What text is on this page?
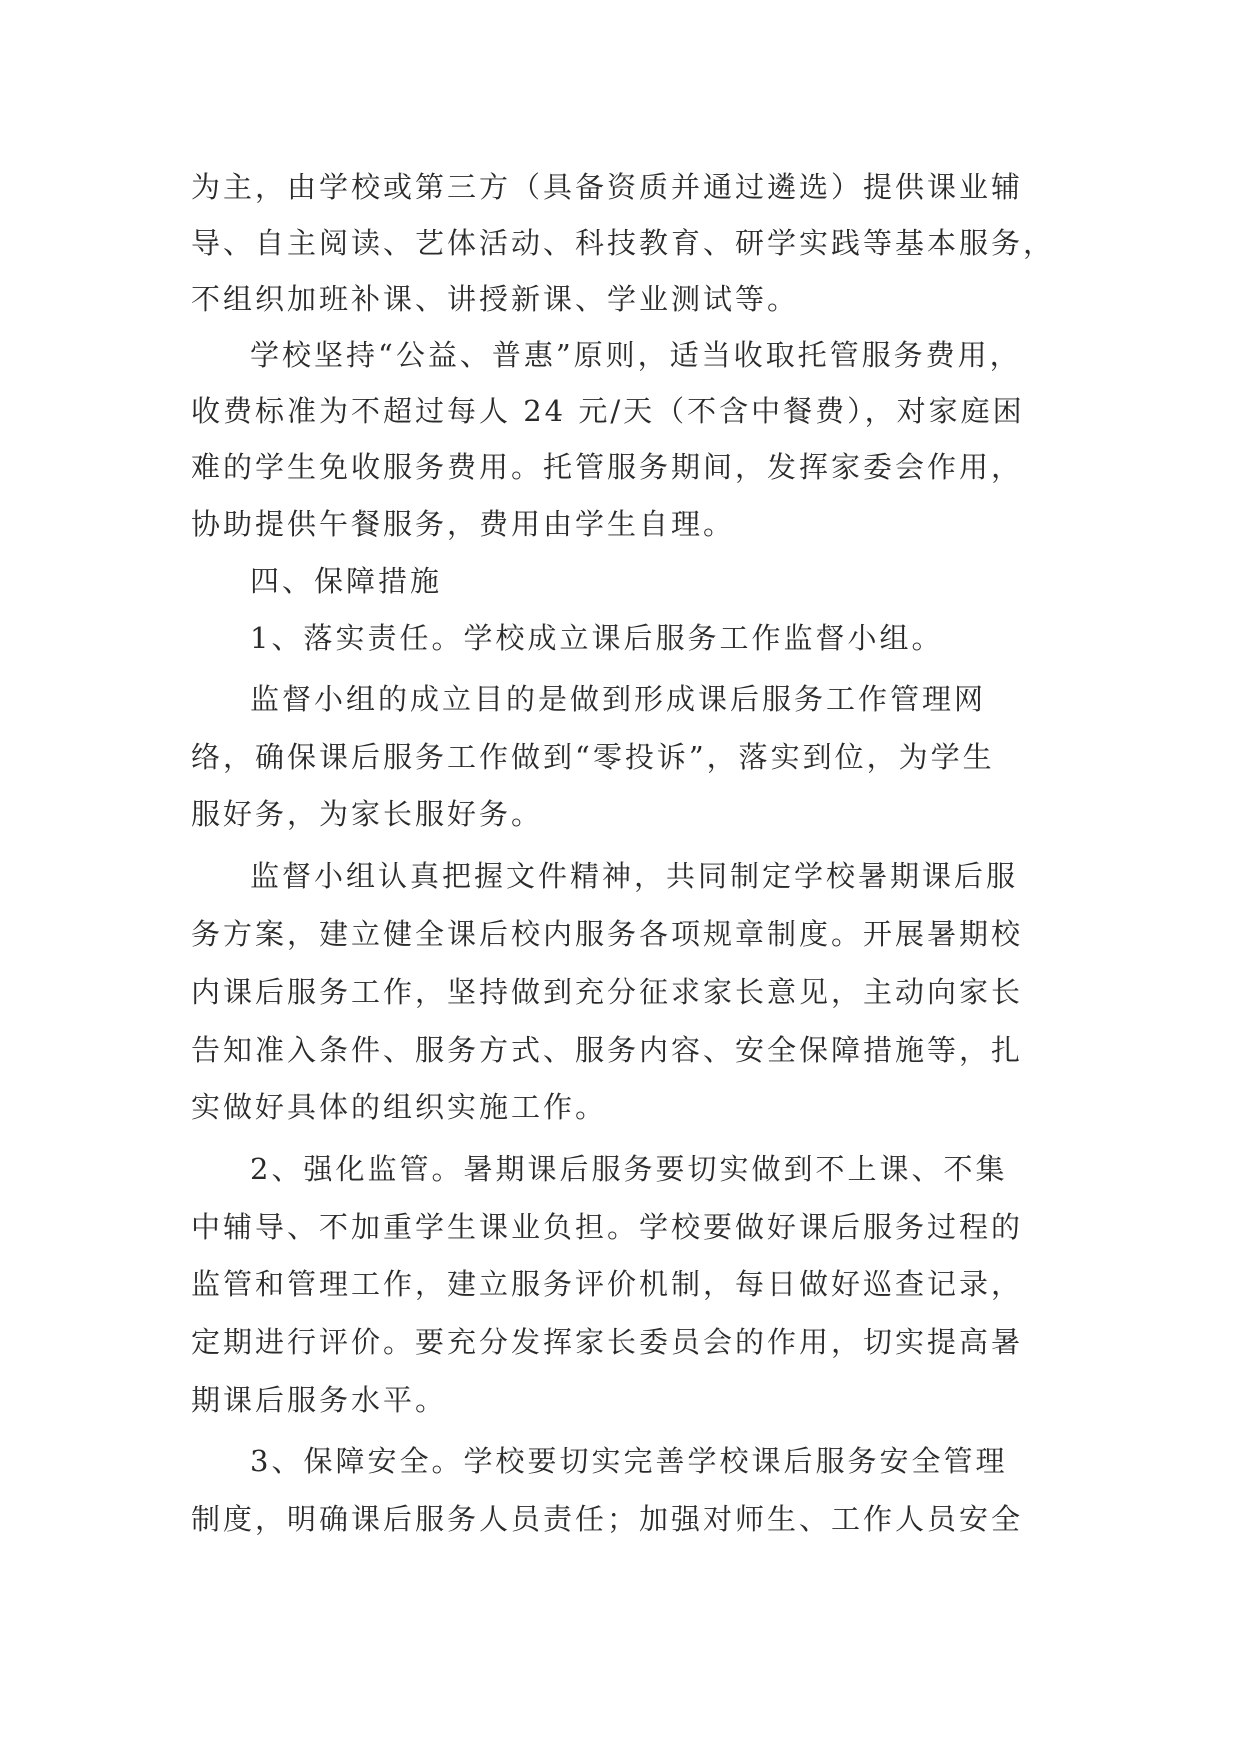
为主，由学校或第三方（具备资质并通过遴选）提供课业辅
导、自主阅读、艺体活动、科技教育、研学实践等基本服务，
不组织加班补课、讲授新课、学业测试等。
学校坚持“公益、普惠”原则，适当收取托管服务费用，
收费标准为不超过每人 24 元/天（不含中餐费），对家庭困
难的学生免收服务费用。托管服务期间，发挥家委会作用，
协助提供午餐服务，费用由学生自理。
四、保障措施
1、落实责任。学校成立课后服务工作监督小组。
监督小组的成立目的是做到形成课后服务工作管理网
络，确保课后服务工作做到“零投诉”，落实到位，为学生
服好务，为家长服好务。
监督小组认真把握文件精神，共同制定学校暑期课后服
务方案，建立健全课后校内服务各项规章制度。开展暑期校
内课后服务工作，坚持做到充分征求家长意见，主动向家长
告知准入条件、服务方式、服务内容、安全保障措施等，扎
实做好具体的组织实施工作。
2、强化监管。暑期课后服务要切实做到不上课、不集
中辅导、不加重学生课业负担。学校要做好课后服务过程的
监管和管理工作，建立服务评价机制，每日做好巡查记录，
定期进行评价。要充分发挥家长委员会的作用，切实提高暑
期课后服务水平。
3、保障安全。学校要切实完善学校课后服务安全管理
制度，明确课后服务人员责任；加强对师生、工作人员安全
